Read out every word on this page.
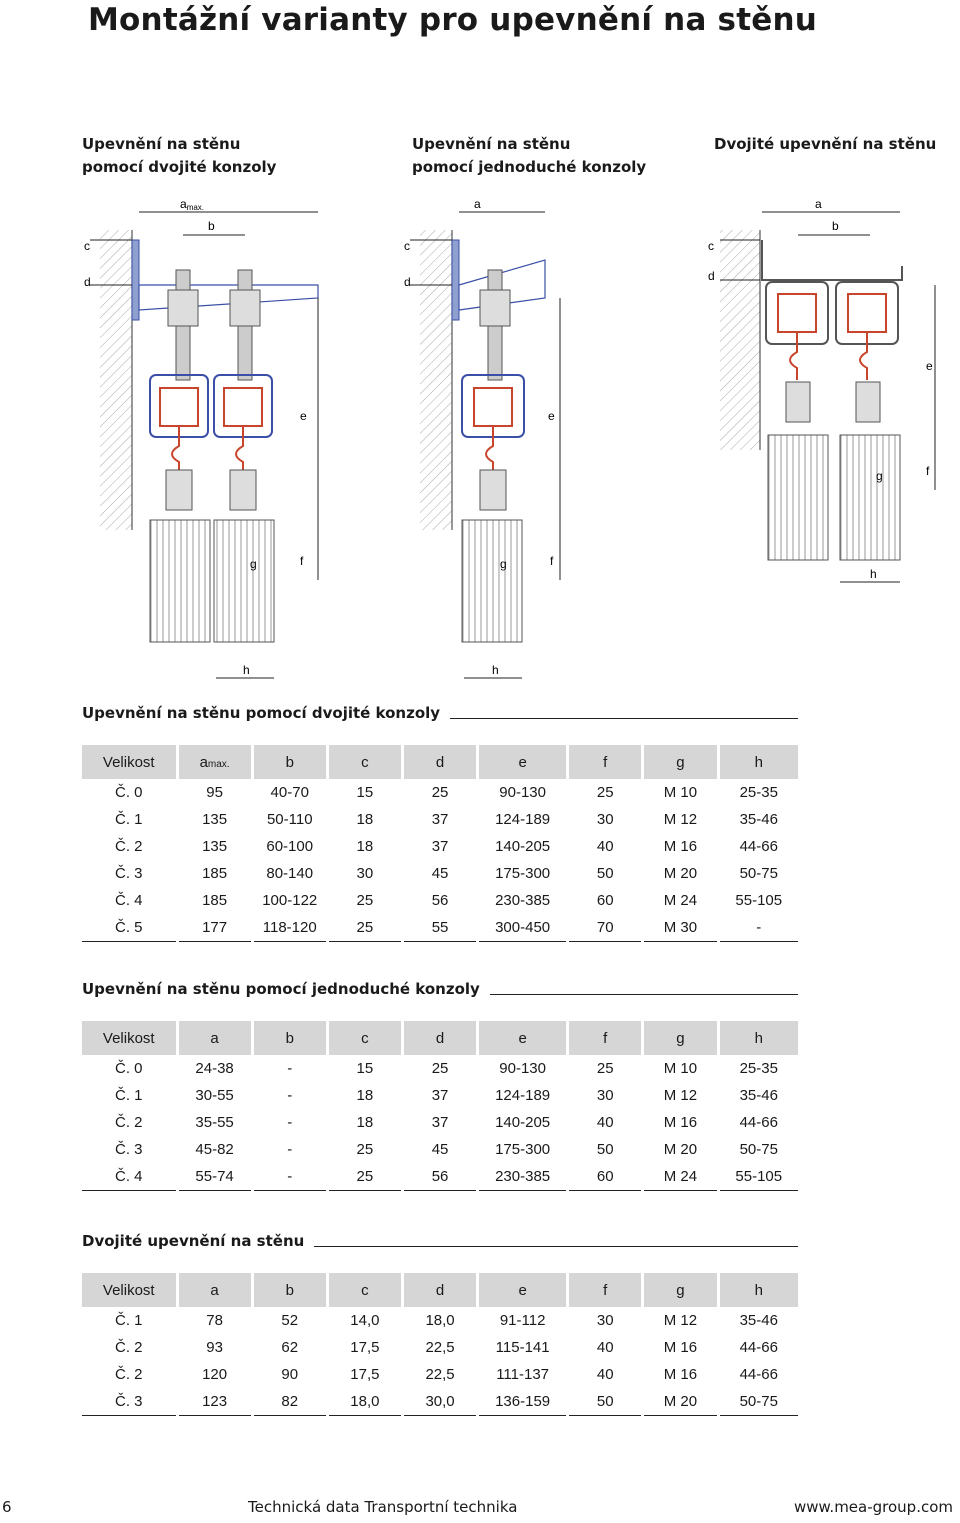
Montážní varianty pro upevnění na stěnu
Upevnění na stěnu
pomocí dvojité konzoly
Upevnění na stěnu
pomocí jednoduché konzoly
Dvojité upevnění na stěnu
amax.
b
c
d
e
f
g
h
a
c
d
e
f
g
h
a
b
c
d
e
f
g
h
Upevnění na stěnu pomocí dvojité konzoly
Velikost	amax.	b	c	d	e	f	g	h
Č. 0	95	40-70	15	25	90-130	25	M 10	25-35
Č. 1	135	50-110	18	37	124-189	30	M 12	35-46
Č. 2	135	60-100	18	37	140-205	40	M 16	44-66
Č. 3	185	80-140	30	45	175-300	50	M 20	50-75
Č. 4	185	100-122	25	56	230-385	60	M 24	55-105
Č. 5	177	118-120	25	55	300-450	70	M 30	-
Upevnění na stěnu pomocí jednoduché konzoly
Velikost	a	b	c	d	e	f	g	h
Č. 0	24-38	-	15	25	90-130	25	M 10	25-35
Č. 1	30-55	-	18	37	124-189	30	M 12	35-46
Č. 2	35-55	-	18	37	140-205	40	M 16	44-66
Č. 3	45-82	-	25	45	175-300	50	M 20	50-75
Č. 4	55-74	-	25	56	230-385	60	M 24	55-105
Dvojité upevnění na stěnu
Velikost	a	b	c	d	e	f	g	h
Č. 1	78	52	14,0	18,0	91-112	30	M 12	35-46
Č. 2	93	62	17,5	22,5	115-141	40	M 16	44-66
Č. 2	120	90	17,5	22,5	111-137	40	M 16	44-66
Č. 3	123	82	18,0	30,0	136-159	50	M 20	50-75
6	Technická data Transportní technika	www.mea-group.com
